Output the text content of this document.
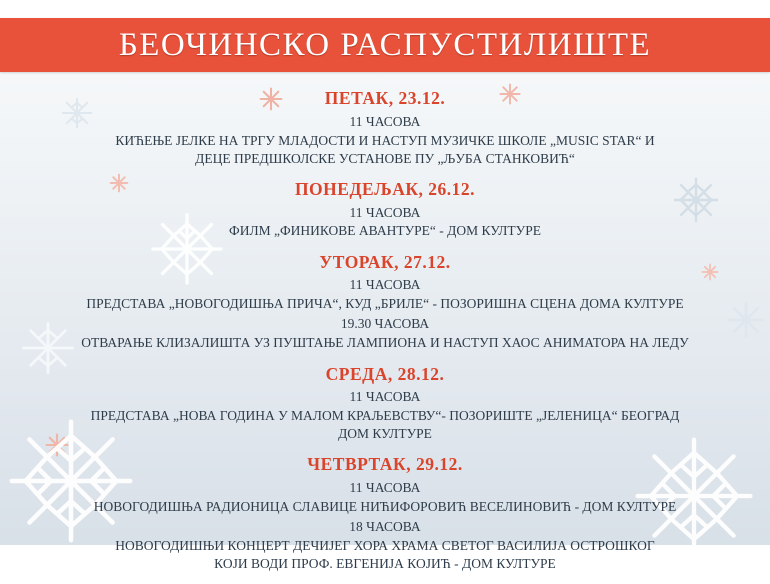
БЕОЧИНСКО РАСПУСТИЛИШТЕ
ПЕТАК, 23.12.
11 ЧАСОВА
КИЋЕЊЕ ЈЕЛКЕ НА ТРГУ МЛАДОСТИ И НАСТУП МУЗИЧКЕ ШКОЛЕ „MUSIC STAR“ И
ДЕЦЕ ПРЕДШКОЛСКЕ УСТАНОВЕ ПУ „ЉУБА СТАНКОВИЋ“
ПОНЕДЕЉАК, 26.12.
11 ЧАСОВА
ФИЛМ „ФИНИКОВЕ АВАНТУРЕ“ - ДОМ КУЛТУРЕ
УТОРАК, 27.12.
11 ЧАСОВА
ПРЕДСТАВА „НОВОГОДИШЊА ПРИЧА“, КУД „БРИЛЕ“ - ПОЗОРИШНА СЦЕНА ДОМА КУЛТУРЕ
19.30 ЧАСОВА
ОТВАРАЊЕ КЛИЗАЛИШТА УЗ ПУШТАЊЕ ЛАМПИОНА И НАСТУП ХАОС АНИМАТОРА НА ЛЕДУ
СРЕДА, 28.12.
11 ЧАСОВА
ПРЕДСТАВА „НОВА ГОДИНА У МАЛОМ КРАЉЕВСТВУ“- ПОЗОРИШТЕ „ЈЕЛЕНИЦА“ БЕОГРАД
ДОМ КУЛТУРЕ
ЧЕТВРТАК, 29.12.
11 ЧАСОВА
НОВОГОДИШЊА РАДИОНИЦА СЛАВИЦЕ НИЋИФОРОВИЋ ВЕСЕЛИНОВИЋ - ДОМ КУЛТУРЕ
18 ЧАСОВА
НОВОГОДИШЊИ КОНЦЕРТ ДЕЧИЈЕГ ХОРА ХРАМА СВЕТОГ ВАСИЛИЈА ОСТРОШКОГ
КОЈИ ВОДИ ПРОФ. ЕВГЕНИЈА КОЈИЋ - ДОМ КУЛТУРЕ
